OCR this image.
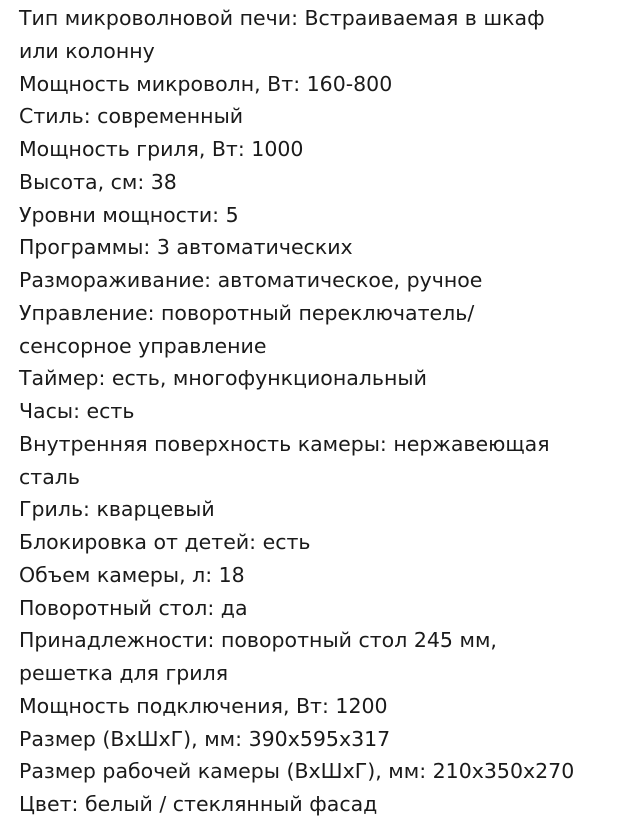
Тип микроволновой печи: Встраиваемая в шкаф

или колонну

Мощность микроволн, Вт: 160-800

Стиль: современный

Мощность гриля, Вт: 1000

Высота, см: 38

Уровни мощности: 5

Программы: 3 автоматических

Размораживание: автоматическое, ручное

Управление: поворотный переключатель/

сенсорное управление

Таймер: есть, многофункциональный

Часы: есть

Внутренняя поверхность камеры: нержавеющая

сталь

Гриль: кварцевый

Блокировка от детей: есть

Объем камеры, л: 18

Поворотный стол: да

Принадлежности: поворотный стол 245 мм,

решетка для гриля

Мощность подключения, Вт: 1200

Размер (ВхШхГ), мм: 390x595x317

Размер рабочей камеры (ВхШхГ), мм: 210x350x270

Цвет: белый / стеклянный фасад
